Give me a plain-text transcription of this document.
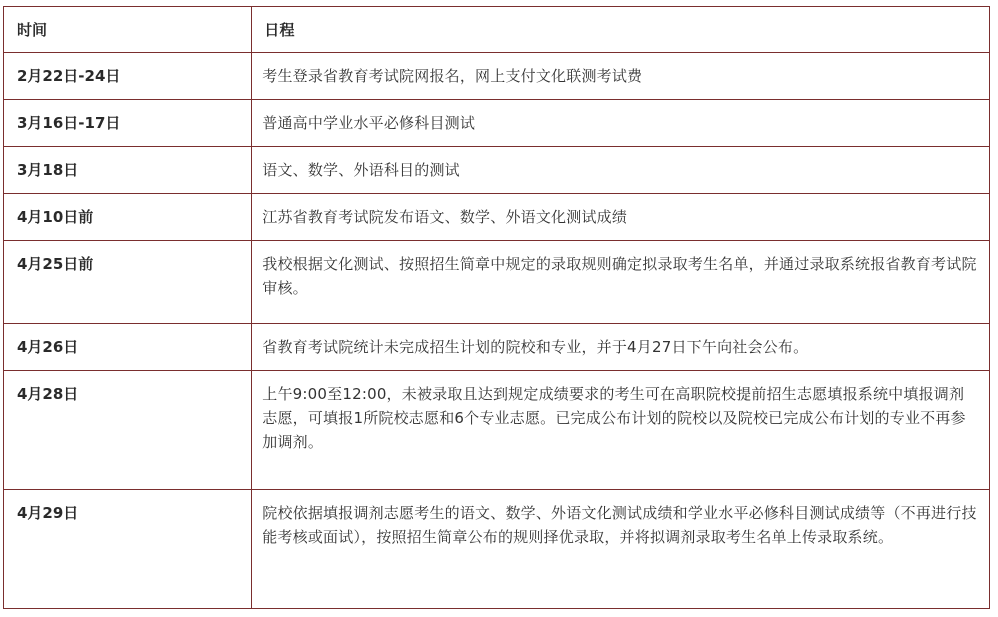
时间	日程
2月22日-24日	考生登录省教育考试院网报名，网上支付文化联测考试费
3月16日-17日	普通高中学业水平必修科目测试
3月18日	语文、数学、外语科目的测试
4月10日前	江苏省教育考试院发布语文、数学、外语文化测试成绩
4月25日前	我校根据文化测试、按照招生简章中规定的录取规则确定拟录取考生名单，并通过录取系统报省教育考试院审核。
4月26日	省教育考试院统计未完成招生计划的院校和专业，并于4月27日下午向社会公布。
4月28日	上午9:00至12:00，未被录取且达到规定成绩要求的考生可在高职院校提前招生志愿填报系统中填报调剂志愿，可填报1所院校志愿和6个专业志愿。已完成公布计划的院校以及院校已完成公布计划的专业不再参加调剂。
4月29日	院校依据填报调剂志愿考生的语文、数学、外语文化测试成绩和学业水平必修科目测试成绩等（不再进行技能考核或面试），按照招生简章公布的规则择优录取，并将拟调剂录取考生名单上传录取系统。
